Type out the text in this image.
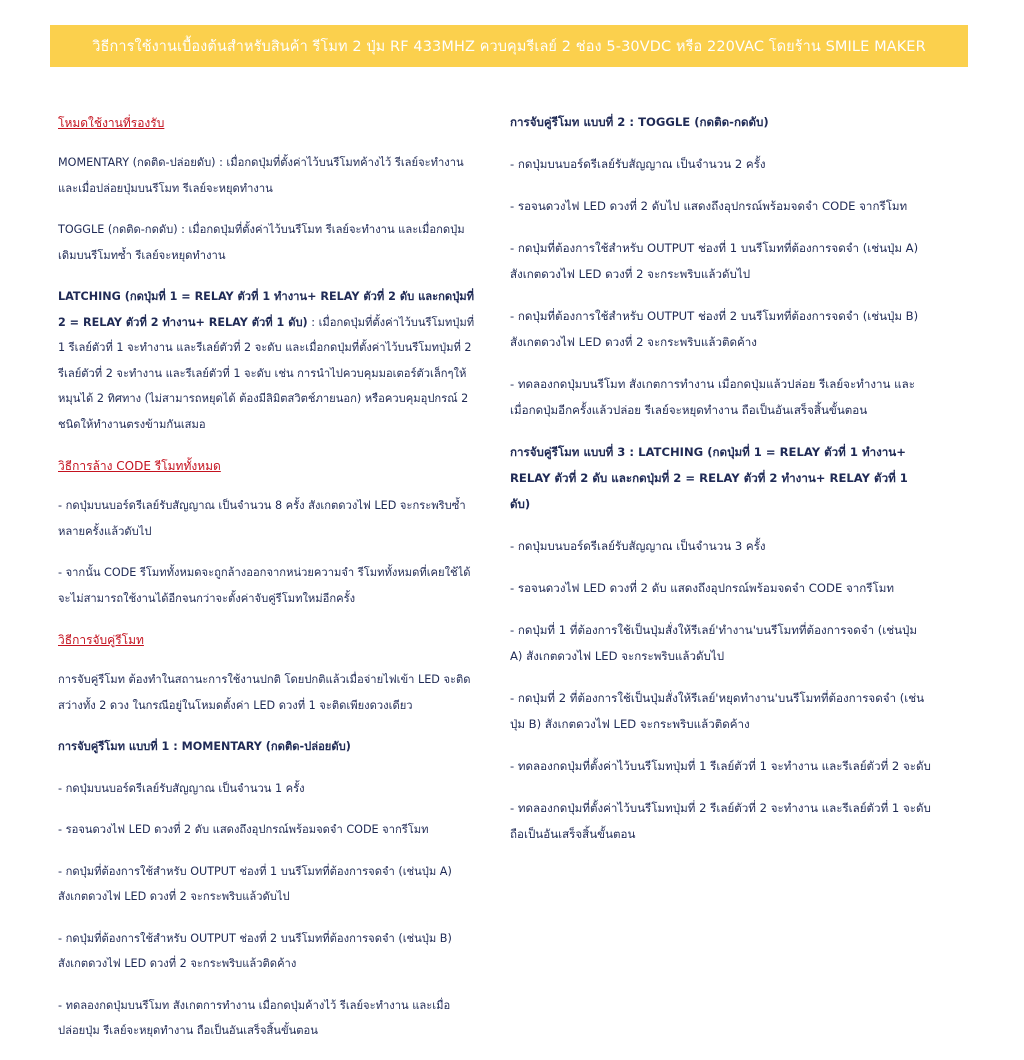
วิธีการใช้งานเบื้องต้นสำหรับสินค้า รีโมท 2 ปุ่ม RF 433MHZ ควบคุมรีเลย์ 2 ช่อง 5-30VDC หรือ 220VAC โดยร้าน SMILE MAKER

โหมดใช้งานที่รองรับ

MOMENTARY (กดติด-ปล่อยดับ) : เมื่อกดปุ่มที่ตั้งค่าไว้บนรีโมทค้างไว้ รีเลย์จะทำงาน และเมื่อปล่อยปุ่มบนรีโมท รีเลย์จะหยุดทำงาน

TOGGLE (กดติด-กดดับ) : เมื่อกดปุ่มที่ตั้งค่าไว้บนรีโมท รีเลย์จะทำงาน และเมื่อกดปุ่มเดิมบนรีโมทซ้ำ รีเลย์จะหยุดทำงาน

LATCHING (กดปุ่มที่ 1 = RELAY ตัวที่ 1 ทำงาน+ RELAY ตัวที่ 2 ดับ และกดปุ่มที่ 2 = RELAY ตัวที่ 2 ทำงาน+ RELAY ตัวที่ 1 ดับ) : เมื่อกดปุ่มที่ตั้งค่าไว้บนรีโมทปุ่มที่ 1 รีเลย์ตัวที่ 1 จะทำงาน และรีเลย์ตัวที่ 2 จะดับ และเมื่อกดปุ่มที่ตั้งค่าไว้บนรีโมทปุ่มที่ 2 รีเลย์ตัวที่ 2 จะทำงาน และรีเลย์ตัวที่ 1 จะดับ เช่น การนำไปควบคุมมอเตอร์ตัวเล็กๆให้หมุนได้ 2 ทิศทาง (ไม่สามารถหยุดได้ ต้องมีลิมิตสวิตช์ภายนอก) หรือควบคุมอุปกรณ์ 2 ชนิดให้ทำงานตรงข้ามกันเสมอ

วิธีการล้าง CODE รีโมททั้งหมด

- กดปุ่มบนบอร์ดรีเลย์รับสัญญาณ เป็นจำนวน 8 ครั้ง สังเกตดวงไฟ LED จะกระพริบซ้ำหลายครั้งแล้วดับไป

- จากนั้น CODE รีโมททั้งหมดจะถูกล้างออกจากหน่วยความจำ รีโมททั้งหมดที่เคยใช้ได้จะไม่สามารถใช้งานได้อีกจนกว่าจะตั้งค่าจับคู่รีโมทใหม่อีกครั้ง

วิธีการจับคู่รีโมท

การจับคู่รีโมท ต้องทำในสถานะการใช้งานปกติ โดยปกติแล้วเมื่อจ่ายไฟเข้า LED จะติดสว่างทั้ง 2 ดวง ในกรณีอยู่ในโหมดตั้งค่า LED ดวงที่ 1 จะติดเพียงดวงเดียว

การจับคู่รีโมท แบบที่ 1 : MOMENTARY (กดติด-ปล่อยดับ)

- กดปุ่มบนบอร์ดรีเลย์รับสัญญาณ เป็นจำนวน 1 ครั้ง

- รอจนดวงไฟ LED ดวงที่ 2 ดับ แสดงถึงอุปกรณ์พร้อมจดจำ CODE จากรีโมท

- กดปุ่มที่ต้องการใช้สำหรับ OUTPUT ช่องที่ 1 บนรีโมทที่ต้องการจดจำ (เช่นปุ่ม A) สังเกตดวงไฟ LED ดวงที่ 2 จะกระพริบแล้วดับไป

- กดปุ่มที่ต้องการใช้สำหรับ OUTPUT ช่องที่ 2 บนรีโมทที่ต้องการจดจำ (เช่นปุ่ม B) สังเกตดวงไฟ LED ดวงที่ 2 จะกระพริบแล้วติดค้าง

- ทดลองกดปุ่มบนรีโมท สังเกตการทำงาน เมื่อกดปุ่มค้างไว้ รีเลย์จะทำงาน และเมื่อปล่อยปุ่ม รีเลย์จะหยุดทำงาน ถือเป็นอันเสร็จสิ้นขั้นตอน

การจับคู่รีโมท แบบที่ 2 : TOGGLE (กดติด-กดดับ)

- กดปุ่มบนบอร์ดรีเลย์รับสัญญาณ เป็นจำนวน 2 ครั้ง

- รอจนดวงไฟ LED ดวงที่ 2 ดับไป แสดงถึงอุปกรณ์พร้อมจดจำ CODE จากรีโมท

- กดปุ่มที่ต้องการใช้สำหรับ OUTPUT ช่องที่ 1 บนรีโมทที่ต้องการจดจำ (เช่นปุ่ม A) สังเกตดวงไฟ LED ดวงที่ 2 จะกระพริบแล้วดับไป

- กดปุ่มที่ต้องการใช้สำหรับ OUTPUT ช่องที่ 2 บนรีโมทที่ต้องการจดจำ (เช่นปุ่ม B) สังเกตดวงไฟ LED ดวงที่ 2 จะกระพริบแล้วติดค้าง

- ทดลองกดปุ่มบนรีโมท สังเกตการทำงาน เมื่อกดปุ่มแล้วปล่อย รีเลย์จะทำงาน และเมื่อกดปุ่มอีกครั้งแล้วปล่อย รีเลย์จะหยุดทำงาน ถือเป็นอันเสร็จสิ้นขั้นตอน

การจับคู่รีโมท แบบที่ 3 : LATCHING (กดปุ่มที่ 1 = RELAY ตัวที่ 1 ทำงาน+ RELAY ตัวที่ 2 ดับ และกดปุ่มที่ 2 = RELAY ตัวที่ 2 ทำงาน+ RELAY ตัวที่ 1 ดับ)

- กดปุ่มบนบอร์ดรีเลย์รับสัญญาณ เป็นจำนวน 3 ครั้ง

- รอจนดวงไฟ LED ดวงที่ 2 ดับ แสดงถึงอุปกรณ์พร้อมจดจำ CODE จากรีโมท

- กดปุ่มที่ 1 ที่ต้องการใช้เป็นปุ่มสั่งให้รีเลย์'ทำงาน'บนรีโมทที่ต้องการจดจำ (เช่นปุ่ม A) สังเกตดวงไฟ LED จะกระพริบแล้วดับไป

- กดปุ่มที่ 2 ที่ต้องการใช้เป็นปุ่มสั่งให้รีเลย์'หยุดทำงาน'บนรีโมทที่ต้องการจดจำ (เช่นปุ่ม B) สังเกตดวงไฟ LED จะกระพริบแล้วติดค้าง

- ทดลองกดปุ่มที่ตั้งค่าไว้บนรีโมทปุ่มที่ 1 รีเลย์ตัวที่ 1 จะทำงาน และรีเลย์ตัวที่ 2 จะดับ

- ทดลองกดปุ่มที่ตั้งค่าไว้บนรีโมทปุ่มที่ 2 รีเลย์ตัวที่ 2 จะทำงาน และรีเลย์ตัวที่ 1 จะดับ ถือเป็นอันเสร็จสิ้นขั้นตอน
